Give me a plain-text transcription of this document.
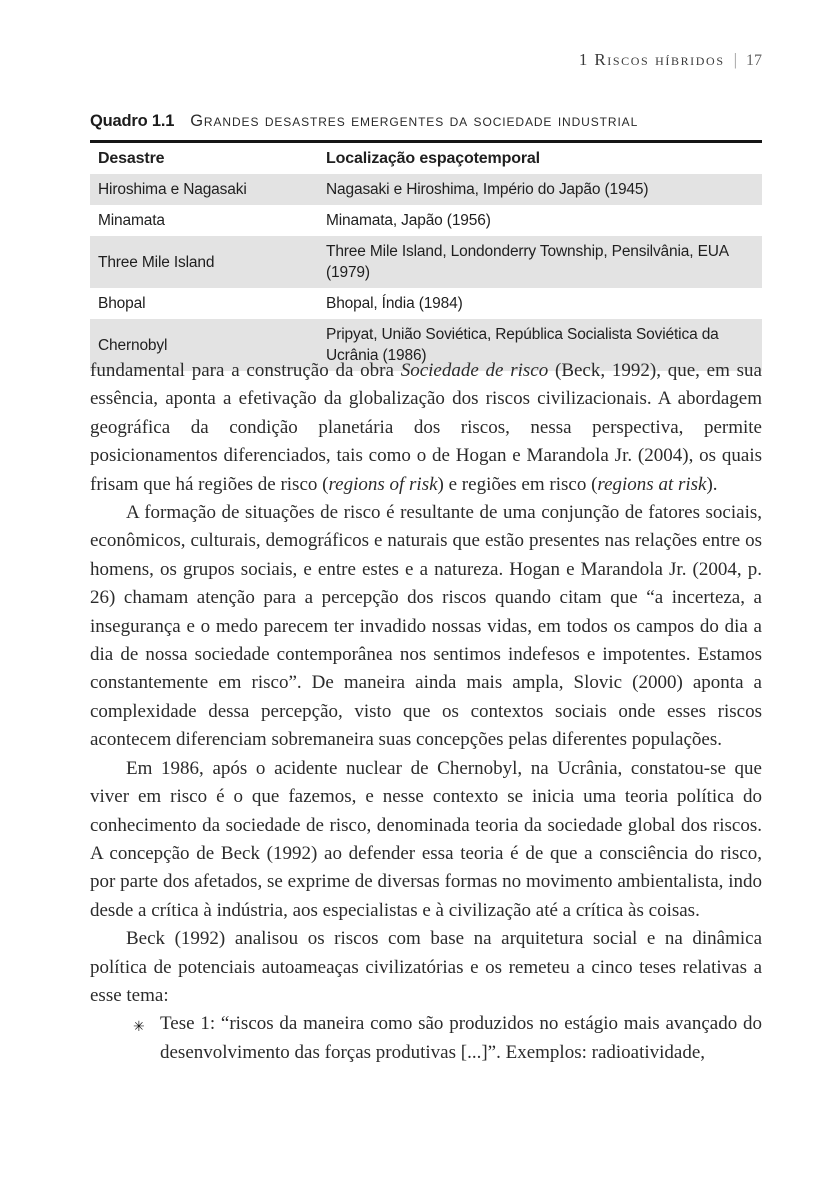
1 Riscos híbridos | 17
Quadro 1.1 Grandes desastres emergentes da sociedade industrial
Desastre	Localização espaçotemporal
Hiroshima e Nagasaki	Nagasaki e Hiroshima, Império do Japão (1945)
Minamata	Minamata, Japão (1956)
Three Mile Island	Three Mile Island, Londonderry Township, Pensilvânia, EUA (1979)
Bhopal	Bhopal, Índia (1984)
Chernobyl	Pripyat, União Soviética, República Socialista Soviética da Ucrânia (1986)

fundamental para a construção da obra Sociedade de risco (Beck, 1992), que, em sua essência, aponta a efetivação da globalização dos riscos civilizacionais. A abordagem geográfica da condição planetária dos riscos, nessa perspectiva, permite posicionamentos diferenciados, tais como o de Hogan e Marandola Jr. (2004), os quais frisam que há regiões de risco (regions of risk) e regiões em risco (regions at risk).

A formação de situações de risco é resultante de uma conjunção de fatores sociais, econômicos, culturais, demográficos e naturais que estão presentes nas relações entre os homens, os grupos sociais, e entre estes e a natureza. Hogan e Marandola Jr. (2004, p. 26) chamam atenção para a percepção dos riscos quando citam que “a incerteza, a insegurança e o medo parecem ter invadido nossas vidas, em todos os campos do dia a dia de nossa sociedade contemporânea nos sentimos indefesos e impotentes. Estamos constantemente em risco”. De maneira ainda mais ampla, Slovic (2000) aponta a complexidade dessa percepção, visto que os contextos sociais onde esses riscos acontecem diferenciam sobremaneira suas concepções pelas diferentes populações.

Em 1986, após o acidente nuclear de Chernobyl, na Ucrânia, constatou-se que viver em risco é o que fazemos, e nesse contexto se inicia uma teoria política do conhecimento da sociedade de risco, denominada teoria da sociedade global dos riscos. A concepção de Beck (1992) ao defender essa teoria é de que a consciência do risco, por parte dos afetados, se exprime de diversas formas no movimento ambientalista, indo desde a crítica à indústria, aos especialistas e à civilização até a crítica às coisas.

Beck (1992) analisou os riscos com base na arquitetura social e na dinâmica política de potenciais autoameaças civilizatórias e os remeteu a cinco teses relativas a esse tema:

✳︎ Tese 1: “riscos da maneira como são produzidos no estágio mais avançado do desenvolvimento das forças produtivas [...]”. Exemplos: radioatividade,
